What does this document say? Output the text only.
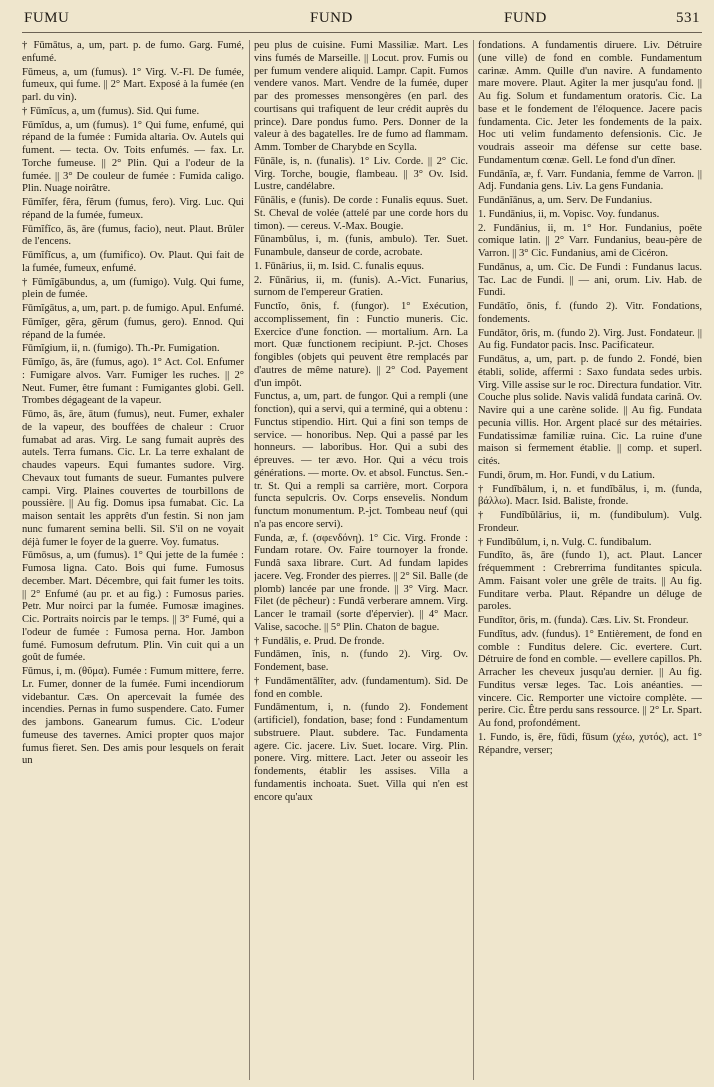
FUMU	FUND	FUND	531

† Fūmātus, a, um, part. p. de fumo. Garg. Fumé, enfumé.

Fūmeus, a, um (fumus). 1° Virg. V.-Fl. De fumée, fumeux, qui fume. || 2° Mart. Exposé à la fumée (en parl. du vin).

† Fūmĭcus, a, um (fumus). Sid. Qui fume.

Fūmĭdus, a, um (fumus). 1° Qui fume, enfumé, qui répand de la fumée : Fumida altaria. Ov. Autels qui fument. — tecta. Ov. Toits enfumés. — fax. Lr. Torche fumeuse. || 2° Plin. Qui a l'odeur de la fumée. || 3° De couleur de fumée : Fumida caligo. Plin. Nuage noirâtre.

Fūmĭfer, fĕra, fĕrum (fumus, fero). Virg. Luc. Qui répand de la fumée, fumeux.

Fūmĭfĭco, ās, āre (fumus, facio), neut. Plaut. Brûler de l'encens.

Fūmĭfĭcus, a, um (fumifico). Ov. Plaut. Qui fait de la fumée, fumeux, enfumé.

† Fūmĭgābundus, a, um (fumigo). Vulg. Qui fume, plein de fumée.

Fūmĭgātus, a, um, part. p. de fumigo. Apul. Enfumé.

Fūmĭger, gĕra, gĕrum (fumus, gero). Ennod. Qui répand de la fumée.

Fūmĭgium, ii, n. (fumigo). Th.-Pr. Fumigation.

Fūmĭgo, ās, āre (fumus, ago). 1° Act. Col. Enfumer : Fumigare alvos. Varr. Fumiger les ruches. || 2° Neut. Fumer, être fumant : Fumigantes globi. Gell. Trombes dégageant de la vapeur.

Fūmo, ās, āre, ātum (fumus), neut. Fumer, exhaler de la vapeur, des bouffées de chaleur : Cruor fumabat ad aras. Virg. Le sang fumait auprès des autels. Terra fumans. Cic. Lr. La terre exhalant de chaudes vapeurs. Equi fumantes sudore. Virg. Chevaux tout fumants de sueur. Fumantes pulvere campi. Virg. Plaines couvertes de tourbillons de poussière. || Au fig. Domus ipsa fumabat. Cic. La maison sentait les apprêts d'un festin. Si non jam nunc fumarent semina belli. Sil. S'il on ne voyait déjà fumer le foyer de la guerre. Voy. fumatus.

Fūmōsus, a, um (fumus). 1° Qui jette de la fumée : Fumosa ligna. Cato. Bois qui fume. Fumosus december. Mart. Décembre, qui fait fumer les toits. || 2° Enfumé (au pr. et au fig.) : Fumosus paries. Petr. Mur noirci par la fumée. Fumosæ imagines. Cic. Portraits noircis par le temps. || 3° Fumé, qui a l'odeur de fumée : Fumosa perna. Hor. Jambon fumé. Fumosum defrutum. Plin. Vin cuit qui a un goût de fumée.

Fūmus, i, m. (θῦμα). Fumée : Fumum mittere, ferre. Lr. Fumer, donner de la fumée. Fumi incendiorum videbantur. Cæs. On apercevait la fumée des incendies. Pernas in fumo suspendere. Cato. Fumer des jambons. Ganearum fumus. Cic. L'odeur fumeuse des tavernes. Amici propter quos major fumus fieret. Sen. Des amis pour lesquels on ferait un

peu plus de cuisine. Fumi Massiliæ. Mart. Les vins fumés de Marseille. || Locut. prov. Fumis ou per fumum vendere aliquid. Lampr. Capit. Fumos vendere vanos. Mart. Vendre de la fumée, duper par des promesses mensongères (en parl. des courtisans qui trafiquent de leur crédit auprès du prince). Dare pondus fumo. Pers. Donner de la valeur à des bagatelles. Ire de fumo ad flammam. Amm. Tomber de Charybde en Scylla.

Fūnāle, is, n. (funalis). 1° Liv. Corde. || 2° Cic. Virg. Torche, bougie, flambeau. || 3° Ov. Isid. Lustre, candélabre.

Fūnālis, e (funis). De corde : Funalis equus. Suet. St. Cheval de volée (attelé par une corde hors du timon). — cereus. V.-Max. Bougie.

Fūnambŭlus, i, m. (funis, ambulo). Ter. Suet. Funambule, danseur de corde, acrobate.

1. Fūnārius, ii, m. Isid. C. funalis equus.

2. Fūnārius, ii, m. (funis). A.-Vict. Funarius, surnom de l'empereur Gratien.

Functĭo, ōnis, f. (fungor). 1° Exécution, accomplissement, fin : Functio muneris. Cic. Exercice d'une fonction. — mortalium. Arn. La mort. Quæ functionem recipiunt. P.-jct. Choses fongibles (objets qui peuvent être remplacés par d'autres de même nature). || 2° Cod. Payement d'un impôt.

Functus, a, um, part. de fungor. Qui a rempli (une fonction), qui a servi, qui a terminé, qui a obtenu : Functus stipendio. Hirt. Qui a fini son temps de service. — honoribus. Nep. Qui a passé par les honneurs. — laboribus. Hor. Qui a subi des épreuves. — ter ævo. Hor. Qui a vécu trois générations. — morte. Ov. et absol. Functus. Sen.-tr. St. Qui a rempli sa carrière, mort. Corpora functa sepulcris. Ov. Corps ensevelis. Nondum functum monumentum. P.-jct. Tombeau neuf (qui n'a pas encore servi).

Funda, æ, f. (σφενδόνη). 1° Cic. Virg. Fronde : Fundam rotare. Ov. Faire tournoyer la fronde. Fundâ saxa librare. Curt. Ad fundam lapides jacere. Veg. Fronder des pierres. || 2° Sil. Balle (de plomb) lancée par une fronde. || 3° Virg. Macr. Filet (de pêcheur) : Fundâ verberare amnem. Virg. Lancer le tramail (sorte d'épervier). || 4° Macr. Valise, sacoche. || 5° Plin. Chaton de bague.

† Fundālis, e. Prud. De fronde.

Fundāmen, ĭnis, n. (fundo 2). Virg. Ov. Fondement, base.

† Fundāmentālĭter, adv. (fundamentum). Sid. De fond en comble.

Fundāmentum, i, n. (fundo 2). Fondement (artificiel), fondation, base; fond : Fundamentum substruere. Plaut. subdere. Tac. Fundamenta agere. Cic. jacere. Liv. Suet. locare. Virg. Plin. ponere. Virg. mittere. Lact. Jeter ou asseoir les fondements, établir les assises. Villa a fundamentis inchoata. Suet. Villa qui n'en est encore qu'aux

fondations. A fundamentis diruere. Liv. Détruire (une ville) de fond en comble. Fundamentum carinæ. Amm. Quille d'un navire. A fundamento mare movere. Plaut. Agiter la mer jusqu'au fond. || Au fig. Solum et fundamentum oratoris. Cic. La base et le fondement de l'éloquence. Jacere pacis fundamenta. Cic. Jeter les fondements de la paix. Hoc uti velim fundamento defensionis. Cic. Je voudrais asseoir ma défense sur cette base. Fundamentum cœnæ. Gell. Le fond d'un dîner.

Fundānĭa, æ, f. Varr. Fundania, femme de Varron. || Adj. Fundania gens. Liv. La gens Fundania.

Fundānĭānus, a, um. Serv. De Fundanius.

1. Fundānius, ii, m. Vopisc. Voy. fundanus.

2. Fundānius, ii, m. 1° Hor. Fundanius, poëte comique latin. || 2° Varr. Fundanius, beau-père de Varron. || 3° Cic. Fundanius, ami de Cicéron.

Fundānus, a, um. Cic. De Fundi : Fundanus lacus. Tac. Lac de Fundi. || — ani, orum. Liv. Hab. de Fundi.

Fundātĭo, ōnis, f. (fundo 2). Vitr. Fondations, fondements.

Fundātor, ōris, m. (fundo 2). Virg. Just. Fondateur. || Au fig. Fundator pacis. Insc. Pacificateur.

Fundātus, a, um, part. p. de fundo 2. Fondé, bien établi, solide, affermi : Saxo fundata sedes urbis. Virg. Ville assise sur le roc. Directura fundatior. Vitr. Couche plus solide. Navis validâ fundata carinâ. Ov. Navire qui a une carène solide. || Au fig. Fundata pecunia villis. Hor. Argent placé sur des métairies. Fundatissimæ familiæ ruina. Cic. La ruine d'une maison si fermement établie. || comp. et superl. cités.

Fundi, ōrum, m. Hor. Fundi, v du Latium.

† Fundĭbălum, i, n. et fundĭbălus, i, m. (funda, βάλλω). Macr. Isid. Baliste, fronde.

† Fundĭbŭlārius, ii, m. (fundibulum). Vulg. Frondeur.

† Fundĭbŭlum, i, n. Vulg. C. fundibalum.

Fundĭto, ās, āre (fundo 1), act. Plaut. Lancer fréquemment : Crebrerrima funditantes spicula. Amm. Faisant voler une grêle de traits. || Au fig. Funditare verba. Plaut. Répandre un déluge de paroles.

Fundĭtor, ōris, m. (funda). Cæs. Liv. St. Frondeur.

Fundĭtus, adv. (fundus). 1° Entièrement, de fond en comble : Funditus delere. Cic. evertere. Curt. Détruire de fond en comble. — evellere capillos. Ph. Arracher les cheveux jusqu'au dernier. || Au fig. Funditus versæ leges. Tac. Lois anéanties. — vincere. Cic. Remporter une victoire complète. — perire. Cic. Être perdu sans ressource. || 2° Lr. Spart. Au fond, profondément.

1. Fundo, is, ēre, fūdi, fūsum (χέω, χυτός), act. 1° Répandre, verser;
